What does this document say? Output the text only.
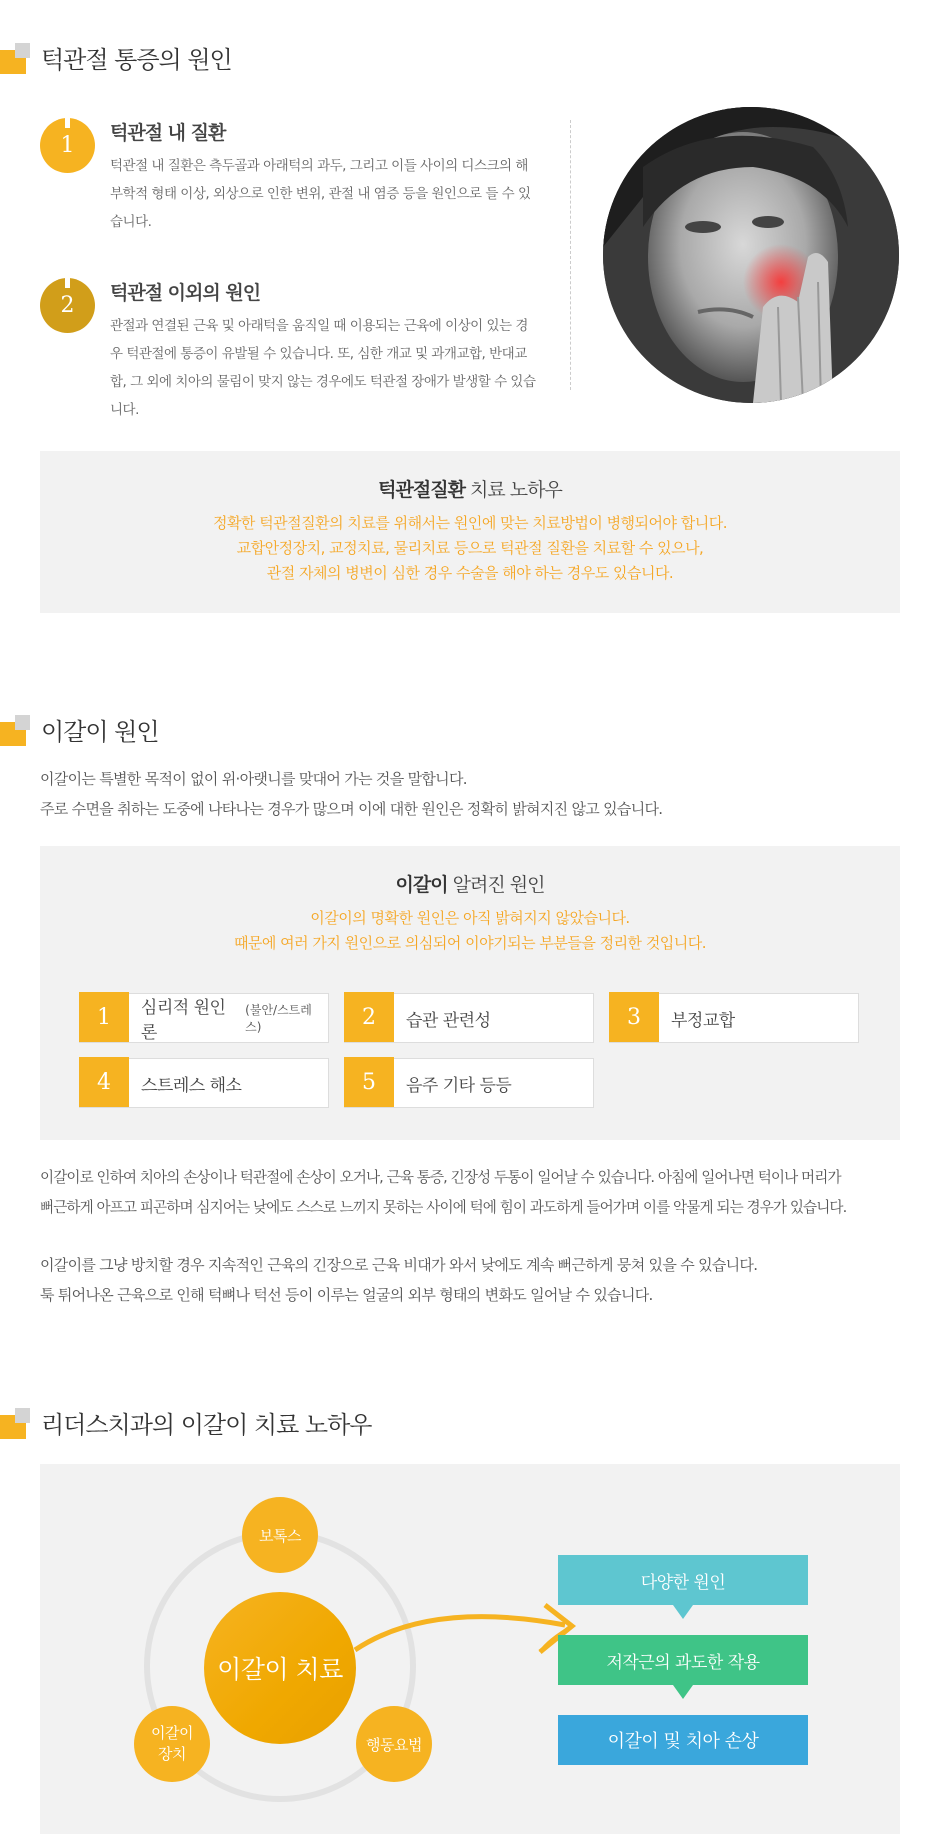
턱관절 통증의 원인
1	턱관절 내 질환

턱관절 내 질환은 측두골과 아래턱의 과두, 그리고 이들 사이의 디스크의 해부학적 형태 이상, 외상으로 인한 변위, 관절 내 염증 등을 원인으로 들 수 있습니다.

2	턱관절 이외의 원인

관절과 연결된 근육 및 아래턱을 움직일 때 이용되는 근육에 이상이 있는 경우 턱관절에 통증이 유발될 수 있습니다. 또, 심한 개교 및 과개교합, 반대교합, 그 외에 치아의 물림이 맞지 않는 경우에도 턱관절 장애가 발생할 수 있습니다.

턱관절질환 치료 노하우
정확한 턱관절질환의 치료를 위해서는 원인에 맞는 치료방법이 병행되어야 합니다.
교합안정장치, 교정치료, 물리치료 등으로 턱관절 질환을 치료할 수 있으나,
관절 자체의 병변이 심한 경우 수술을 해야 하는 경우도 있습니다.
이갈이 원인
이갈이는 특별한 목적이 없이 위·아랫니를 맞대어 가는 것을 말합니다.
주로 수면을 취하는 도중에 나타나는 경우가 많으며 이에 대한 원인은 정확히 밝혀지진 않고 있습니다.
이갈이 알려진 원인
이갈이의 명확한 원인은 아직 밝혀지지 않았습니다.
때문에 여러 가지 원인으로 의심되어 이야기되는 부분들을 정리한 것입니다.
1	심리적 원인론
(불안/스트레스)	2	습관 관련성	3	부정교합
4	스트레스 해소	5	음주 기타 등등
이갈이로 인하여 치아의 손상이나 턱관절에 손상이 오거나, 근육 통증, 긴장성 두통이 일어날 수 있습니다. 아침에 일어나면 턱이나 머리가
뻐근하게 아프고 피곤하며 심지어는 낮에도 스스로 느끼지 못하는 사이에 턱에 힘이 과도하게 들어가며 이를 악물게 되는 경우가 있습니다.
이갈이를 그냥 방치할 경우 지속적인 근육의 긴장으로 근육 비대가 와서 낮에도 계속 뻐근하게 뭉쳐 있을 수 있습니다.
툭 튀어나온 근육으로 인해 턱뼈나 턱선 등이 이루는 얼굴의 외부 형태의 변화도 일어날 수 있습니다.
리더스치과의 이갈이 치료 노하우
이갈이 치료
보톡스
이갈이
장치
행동요법
다양한 원인
저작근의 과도한 작용
이갈이 및 치아 손상
